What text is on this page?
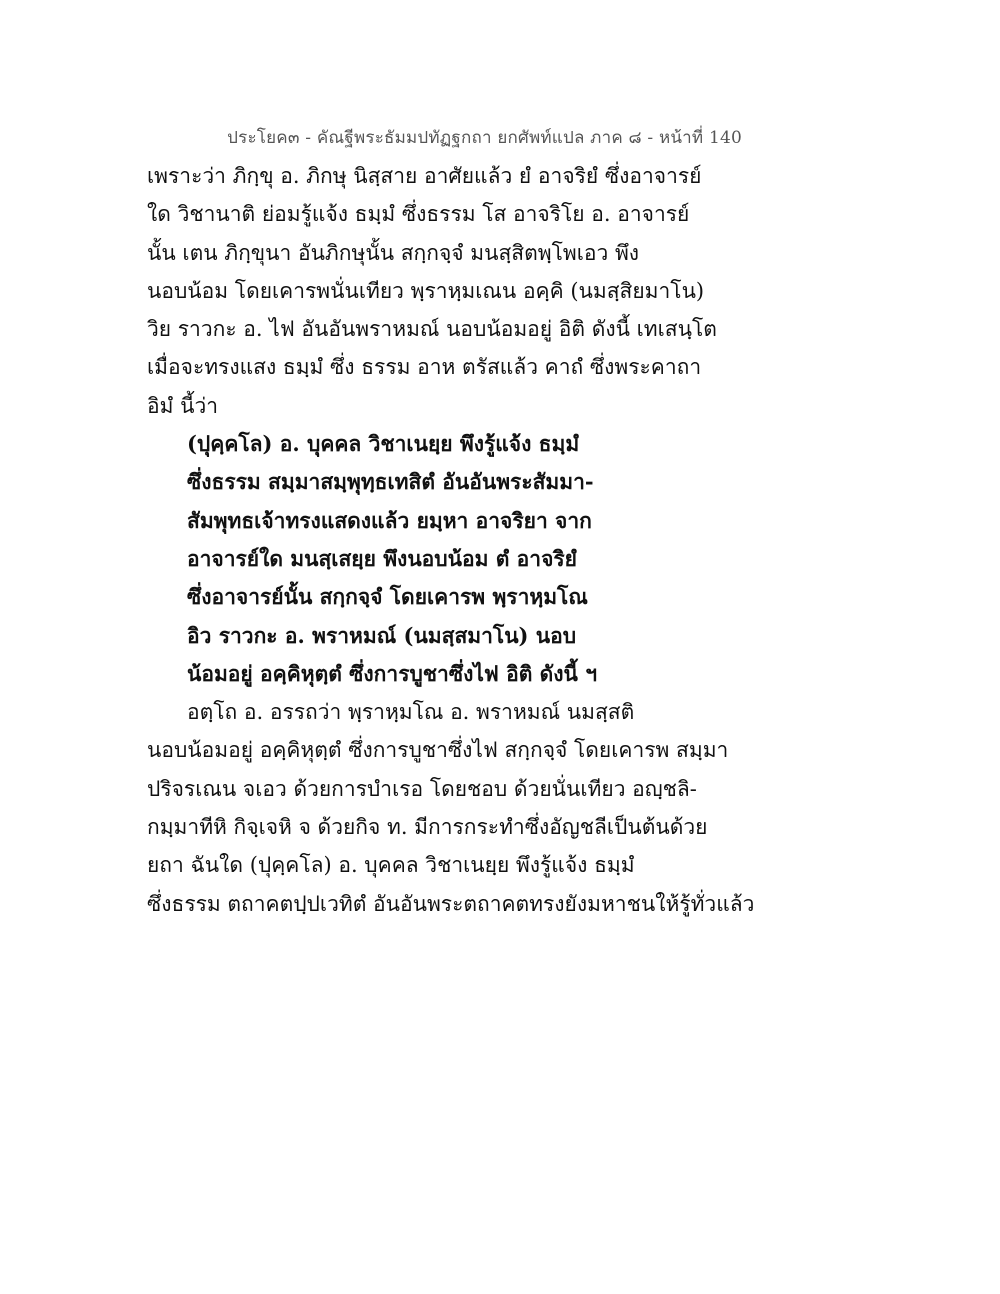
ประโยค๓ - คัณฐีพระธัมมปทัฏฐกถา ยกศัพท์แปล ภาค ๘ - หน้าที่ 140
เพราะว่า ภิกฺขุ อ. ภิกษุ นิสฺสาย อาศัยแล้ว ยํ อาจริยํ ซึ่งอาจารย์
ใด วิชานาติ ย่อมรู้แจ้ง ธมฺมํ ซึ่งธรรม โส อาจริโย อ. อาจารย์
นั้น เตน ภิกฺขุนา อันภิกษุนั้น สกฺกจฺจํ มนสฺสิตพฺโพเอว พึง
นอบน้อม โดยเคารพนั่นเทียว พฺราหฺมเณน อคฺคิ (นมสฺสิยมาโน)
วิย ราวกะ อ. ไฟ อันอันพราหมณ์ นอบน้อมอยู่ อิติ ดังนี้ เทเสนฺโต
เมื่อจะทรงแสง ธมฺมํ ซึ่ง ธรรม อาห ตรัสแล้ว คาถํ ซึ่งพระคาถา
อิมํ นี้ว่า
(ปุคฺคโล) อ. บุคคล วิชาเนยฺย พึงรู้แจ้ง ธมฺมํ
ซึ่งธรรม สมฺมาสมฺพุทฺธเทสิตํ อันอันพระสัมมา-
สัมพุทธเจ้าทรงแสดงแล้ว ยมฺหา อาจริยา จาก
อาจารย์ใด มนสฺเสยฺย พึงนอบน้อม ตํ อาจริยํ
ซึ่งอาจารย์นั้น สกฺกจฺจํ โดยเคารพ พฺราหฺมโณ
อิว ราวกะ อ. พราหมณ์ (นมสฺสมาโน) นอบ
น้อมอยู่ อคฺคิหุตฺตํ ซึ่งการบูชาซึ่งไฟ อิติ ดังนี้ ฯ
อตฺโถ อ. อรรถว่า พฺราหฺมโณ อ. พราหมณ์ นมสฺสติ
นอบน้อมอยู่ อคฺคิหุตฺตํ ซึ่งการบูชาซึ่งไฟ สกฺกจฺจํ โดยเคารพ สมฺมา
ปริจรเณน จเอว ด้วยการบำเรอ โดยชอบ ด้วยนั่นเทียว อญฺชลิ-
กมฺมาทีหิ กิจฺเจหิ จ ด้วยกิจ ท. มีการกระทำซึ่งอัญชลีเป็นต้นด้วย
ยถา ฉันใด (ปุคฺคโล) อ. บุคคล วิชาเนยฺย พึงรู้แจ้ง ธมฺมํ
ซึ่งธรรม ตถาคตปฺปเวทิตํ อันอันพระตถาคตทรงยังมหาชนให้รู้ทั่วแล้ว
